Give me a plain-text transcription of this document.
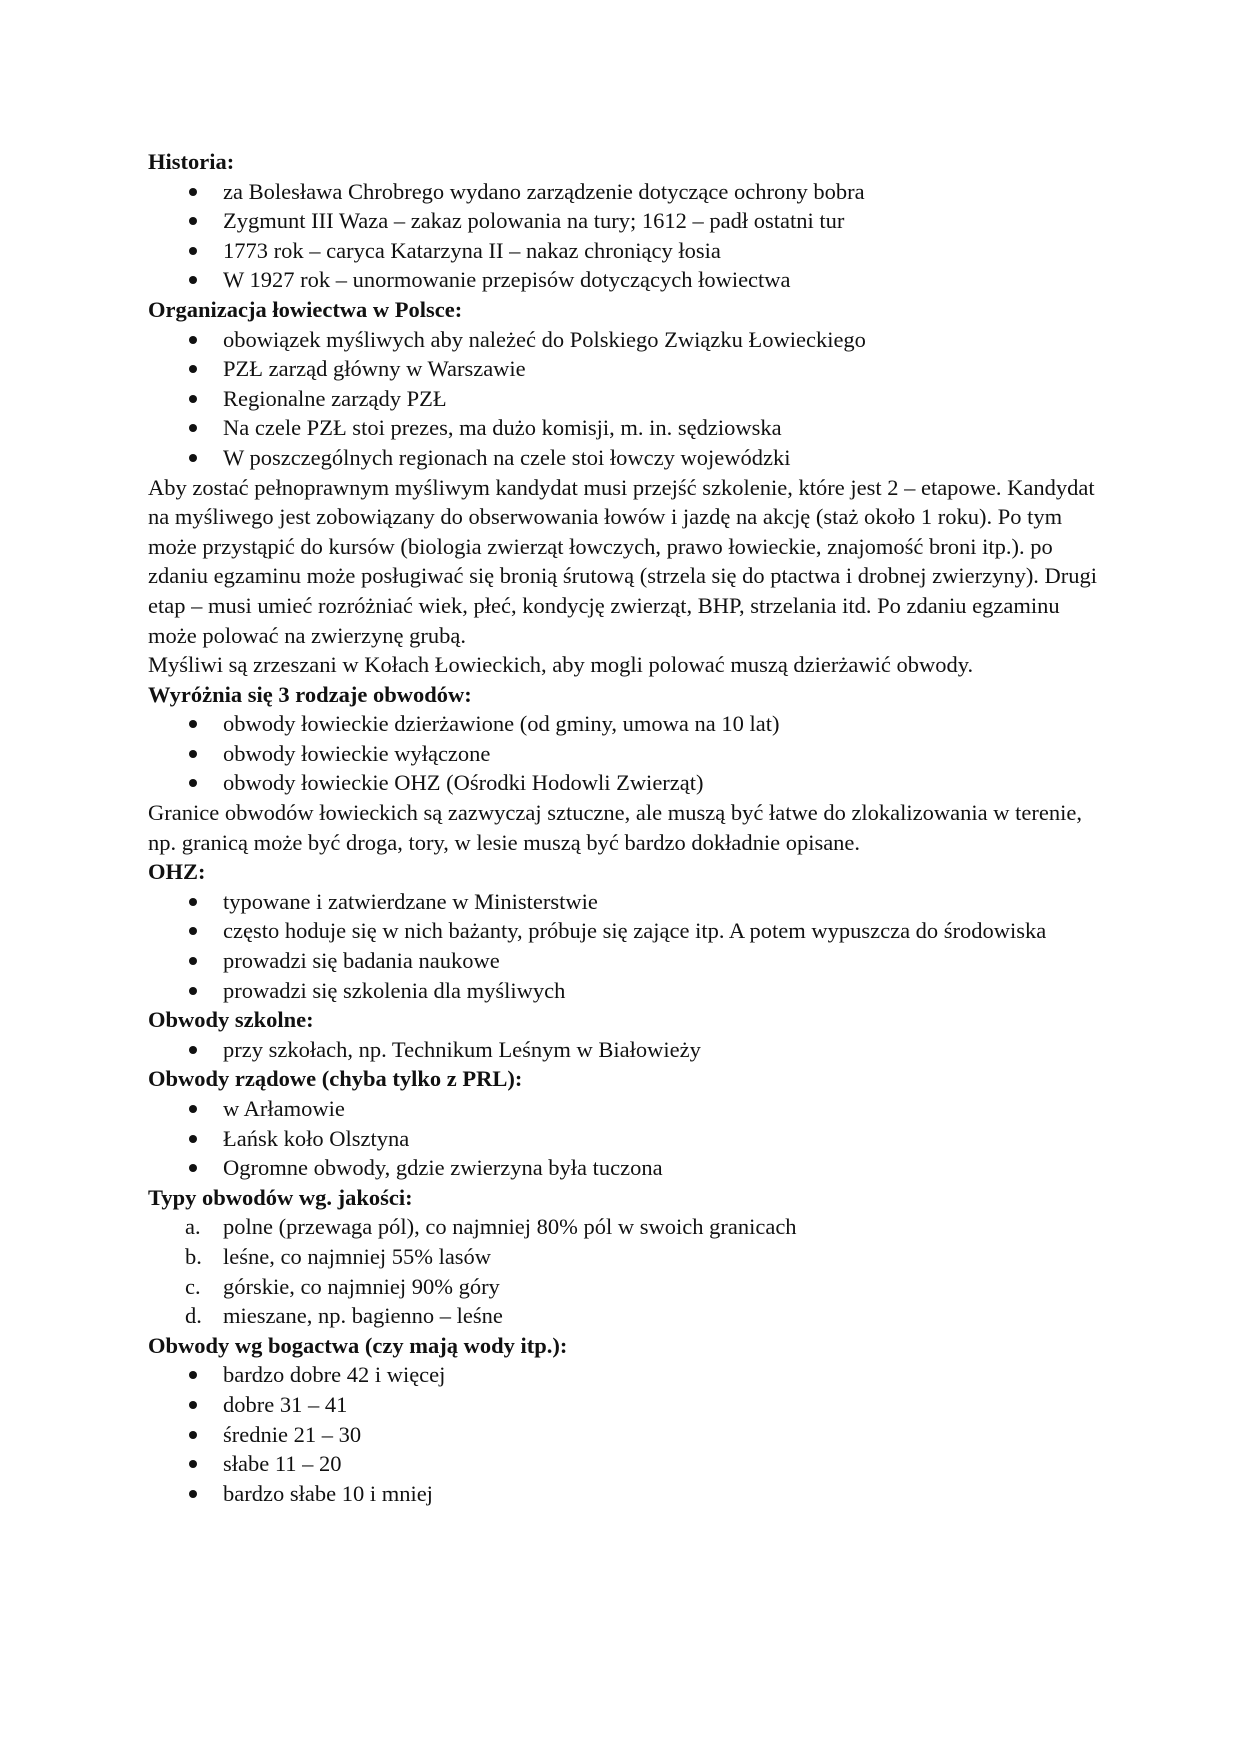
Historia:
za Bolesława Chrobrego wydano zarządzenie dotyczące ochrony bobra
Zygmunt III Waza – zakaz polowania na tury; 1612 – padł ostatni tur
1773 rok – caryca Katarzyna II – nakaz chroniący łosia
W 1927 rok – unormowanie przepisów dotyczących łowiectwa
Organizacja łowiectwa w Polsce:
obowiązek myśliwych aby należeć do Polskiego Związku Łowieckiego
PZŁ zarząd główny w Warszawie
Regionalne zarządy PZŁ
Na czele PZŁ stoi prezes, ma dużo komisji, m. in. sędziowska
W poszczególnych regionach na czele stoi łowczy wojewódzki

Aby zostać pełnoprawnym myśliwym kandydat musi przejść szkolenie, które jest 2 – etapowe. Kandydat na myśliwego jest zobowiązany do obserwowania łowów i jazdę na akcję (staż około 1 roku). Po tym może przystąpić do kursów (biologia zwierząt łowczych, prawo łowieckie, znajomość broni itp.). po zdaniu egzaminu może posługiwać się bronią śrutową (strzela się do ptactwa i drobnej zwierzyny). Drugi etap – musi umieć rozróżniać wiek, płeć, kondycję zwierząt, BHP, strzelania itd. Po zdaniu egzaminu może polować na zwierzynę grubą.

Myśliwi są zrzeszani w Kołach Łowieckich, aby mogli polować muszą dzierżawić obwody.

Wyróżnia się 3 rodzaje obwodów:
obwody łowieckie dzierżawione (od gminy, umowa na 10 lat)
obwody łowieckie wyłączone
obwody łowieckie OHZ (Ośrodki Hodowli Zwierząt)

Granice obwodów łowieckich są zazwyczaj sztuczne, ale muszą być łatwe do zlokalizowania w terenie, np. granicą może być droga, tory, w lesie muszą być bardzo dokładnie opisane.

OHZ:
typowane i zatwierdzane w Ministerstwie
często hoduje się w nich bażanty, próbuje się zające itp. A potem wypuszcza do środowiska
prowadzi się badania naukowe
prowadzi się szkolenia dla myśliwych
Obwody szkolne:
przy szkołach, np. Technikum Leśnym w Białowieży
Obwody rządowe (chyba tylko z PRL):
w Arłamowie
Łańsk koło Olsztyna
Ogromne obwody, gdzie zwierzyna była tuczona
Typy obwodów wg. jakości:
a. polne (przewaga pól), co najmniej 80% pól w swoich granicach
b. leśne, co najmniej 55% lasów
c. górskie, co najmniej 90% góry
d. mieszane, np. bagienno – leśne
Obwody wg bogactwa (czy mają wody itp.):
bardzo dobre 42 i więcej
dobre 31 – 41
średnie 21 – 30
słabe 11 – 20
bardzo słabe 10 i mniej
